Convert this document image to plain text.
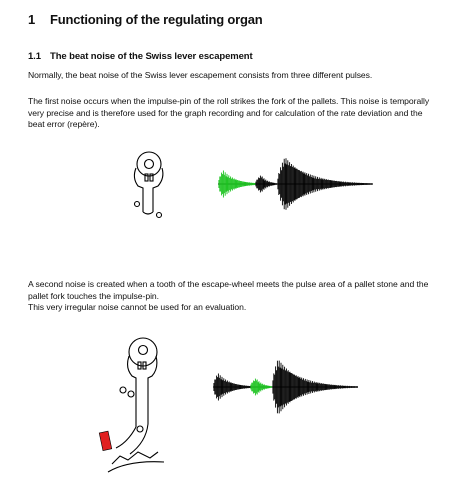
1 Functioning of the regulating organ
1.1 The beat noise of the Swiss lever escapement

Normally, the beat noise of the Swiss lever escapement consists from three different pulses.

The first noise occurs when the impulse-pin of the roll strikes the fork of the pallets. This noise is temporally very precise and is therefore used for the graph recording and for calculation of the rate deviation and the beat error (repère).

A second noise is created when a tooth of the escape-wheel meets the pulse area of a pallet stone and the pallet fork touches the impulse-pin.

This very irregular noise cannot be used for an evaluation.
